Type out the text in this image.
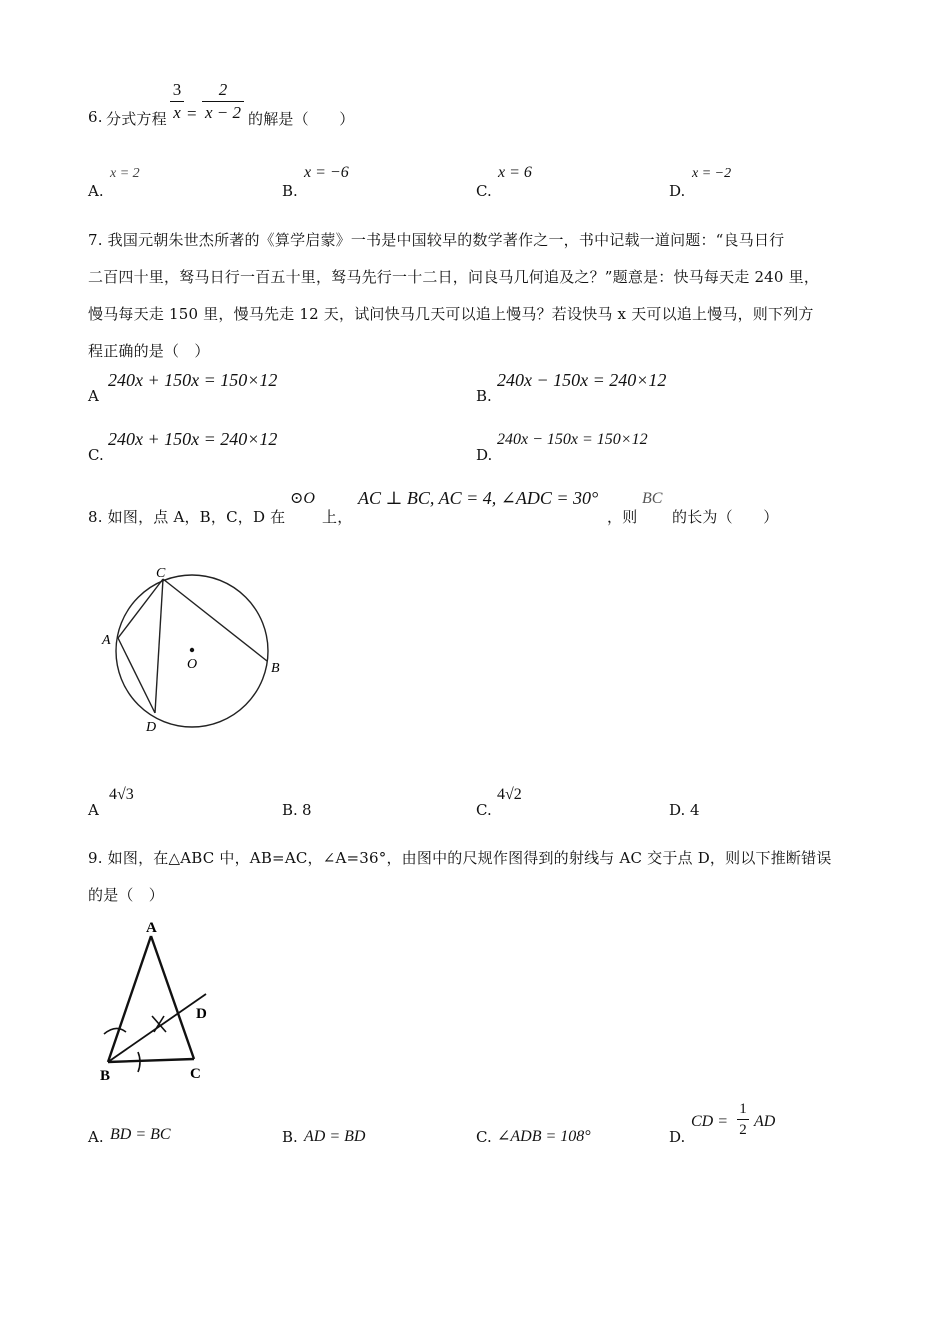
6. 分式方程
3
x =
2
x − 2 的解是（　　）
A.
x = 2
B.
x = −6
C.
x = 6
D.
x = −2
7. 我国元朝朱世杰所著的《算学启蒙》一书是中国较早的数学著作之一，书中记载一道问题：“良马日行
二百四十里，驽马日行一百五十里，驽马先行一十二日，问良马几何追及之？”题意是：快马每天走 240 里，
慢马每天走 150 里，慢马先走 12 天，试问快马几天可以追上慢马？若设快马 x 天可以追上慢马，则下列方
程正确的是（　）
A
240x + 150x = 150×12
B.
240x − 150x = 240×12
C.
240x + 150x = 240×12
D.
240x − 150x = 150×12
8. 如图，点 A，B，C，D 在
⊙O
上，
AC ⊥ BC, AC = 4, ∠ADC = 30°
，则
BC
的长为（　　）
C
A
O	B
D
A
4√3
B. 8	C.
4√2
D. 4
9. 如图，在△ABC 中，AB=AC，∠A=36°，由图中的尺规作图得到的射线与 AC 交于点 D，则以下推断错误
的是（　）
A
D
B	C
A. BD = BC	B. AD = BD	C. ∠ADB = 108°	D.
CD =
1
2 AD
